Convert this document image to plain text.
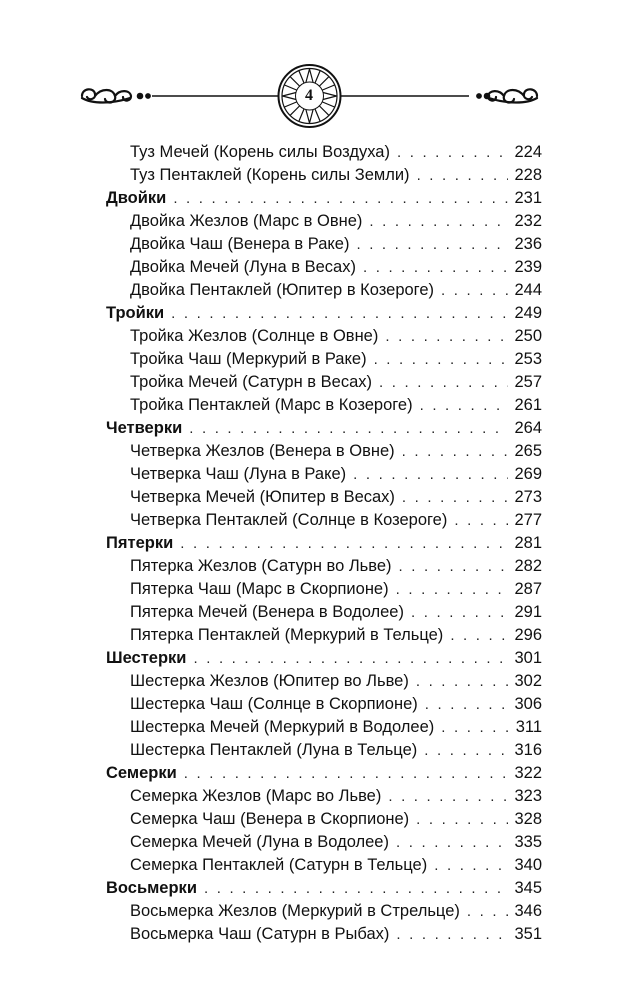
4
Туз Мечей (Корень силы Воздуха) . . .	224
Туз Пентаклей (Корень силы Земли) . . .	228
Двойки . . .	231
Двойка Жезлов (Марс в Овне) . . .	232
Двойка Чаш (Венера в Раке) . . .	236
Двойка Мечей (Луна в Весах) . . .	239
Двойка Пентаклей (Юпитер в Козероге) . . .	244
Тройки . . .	249
Тройка Жезлов (Солнце в Овне) . . .	250
Тройка Чаш (Меркурий в Раке) . . .	253
Тройка Мечей (Сатурн в Весах) . . .	257
Тройка Пентаклей (Марс в Козероге) . . .	261
Четверки . . .	264
Четверка Жезлов (Венера в Овне) . . .	265
Четверка Чаш (Луна в Раке) . . .	269
Четверка Мечей (Юпитер в Весах) . . .	273
Четверка Пентаклей (Солнце в Козероге) . . .	277
Пятерки . . .	281
Пятерка Жезлов (Сатурн во Льве) . . .	282
Пятерка Чаш (Марс в Скорпионе) . . .	287
Пятерка Мечей (Венера в Водолее) . . .	291
Пятерка Пентаклей (Меркурий в Тельце) . . .	296
Шестерки . . .	301
Шестерка Жезлов (Юпитер во Льве) . . .	302
Шестерка Чаш (Солнце в Скорпионе) . . .	306
Шестерка Мечей (Меркурий в Водолее) . . .	311
Шестерка Пентаклей (Луна в Тельце) . . .	316
Семерки . . .	322
Семерка Жезлов (Марс во Льве) . . .	323
Семерка Чаш (Венера в Скорпионе) . . .	328
Семерка Мечей (Луна в Водолее) . . .	335
Семерка Пентаклей (Сатурн в Тельце) . . .	340
Восьмерки . . .	345
Восьмерка Жезлов (Меркурий в Стрельце) . . .	346
Восьмерка Чаш (Сатурн в Рыбах) . . .	351
